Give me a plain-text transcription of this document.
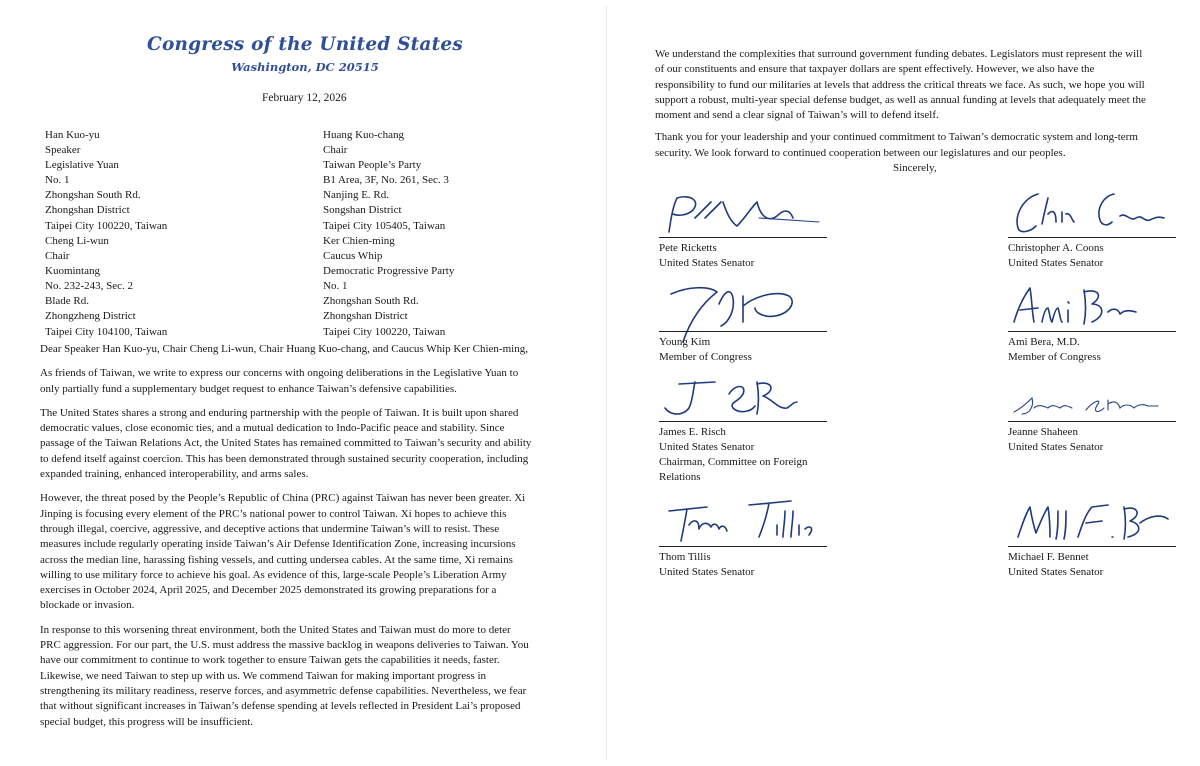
Congress of the United States
Washington, DC 20515
February 12, 2026
Han Kuo-yu
Speaker
Legislative Yuan
No. 1
Zhongshan South Rd.
Zhongshan District
Taipei City 100220, Taiwan
Huang Kuo-chang
Chair
Taiwan People’s Party
B1 Area, 3F, No. 261, Sec. 3
Nanjing E. Rd.
Songshan District
Taipei City 105405, Taiwan
Cheng Li-wun
Chair
Kuomintang
No. 232-243, Sec. 2
Blade Rd.
Zhongzheng District
Taipei City 104100, Taiwan
Ker Chien-ming
Caucus Whip
Democratic Progressive Party
No. 1
Zhongshan South Rd.
Zhongshan District
Taipei City 100220, Taiwan

Dear Speaker Han Kuo-yu, Chair Cheng Li-wun, Chair Huang Kuo-chang, and Caucus Whip Ker Chien-ming,

As friends of Taiwan, we write to express our concerns with ongoing deliberations in the Legislative Yuan to
only partially fund a supplementary budget request to enhance Taiwan’s defensive capabilities.

The United States shares a strong and enduring partnership with the people of Taiwan. It is built upon shared
democratic values, close economic ties, and a mutual dedication to Indo-Pacific peace and stability. Since
passage of the Taiwan Relations Act, the United States has remained committed to Taiwan’s security and ability
to defend itself against coercion. This has been demonstrated through sustained security cooperation, including
expanded training, enhanced interoperability, and arms sales.

However, the threat posed by the People’s Republic of China (PRC) against Taiwan has never been greater. Xi
Jinping is focusing every element of the PRC’s national power to control Taiwan. Xi hopes to achieve this
through illegal, coercive, aggressive, and deceptive actions that undermine Taiwan’s will to resist. These
measures include regularly operating inside Taiwan’s Air Defense Identification Zone, increasing incursions
across the median line, harassing fishing vessels, and cutting undersea cables. At the same time, Xi remains
willing to use military force to achieve his goal. As evidence of this, large-scale People’s Liberation Army
exercises in October 2024, April 2025, and December 2025 demonstrated its growing preparations for a
blockade or invasion.

In response to this worsening threat environment, both the United States and Taiwan must do more to deter
PRC aggression. For our part, the U.S. must address the massive backlog in weapons deliveries to Taiwan. You
have our commitment to continue to work together to ensure Taiwan gets the capabilities it needs, faster.
Likewise, we need Taiwan to step up with us. We commend Taiwan for making important progress in
strengthening its military readiness, reserve forces, and asymmetric defense capabilities. Nevertheless, we fear
that without significant increases in Taiwan’s defense spending at levels reflected in President Lai’s proposed
special budget, this progress will be insufficient.

We understand the complexities that surround government funding debates. Legislators must represent the will
of our constituents and ensure that taxpayer dollars are spent effectively. However, we also have the
responsibility to fund our militaries at levels that address the critical threats we face. As such, we hope you will
support a robust, multi-year special defense budget, as well as annual funding at levels that adequately meet the
moment and send a clear signal of Taiwan’s will to defend itself.

Thank you for your leadership and your continued commitment to Taiwan’s democratic system and long-term
security. We look forward to continued cooperation between our legislatures and our peoples.

Sincerely,
Pete Ricketts
United States Senator
Christopher A. Coons
United States Senator
Young Kim
Member of Congress
Ami Bera, M.D.
Member of Congress
James E. Risch
United States Senator
Chairman, Committee on Foreign
Relations
Jeanne Shaheen
United States Senator
Thom Tillis
United States Senator
Michael F. Bennet
United States Senator
